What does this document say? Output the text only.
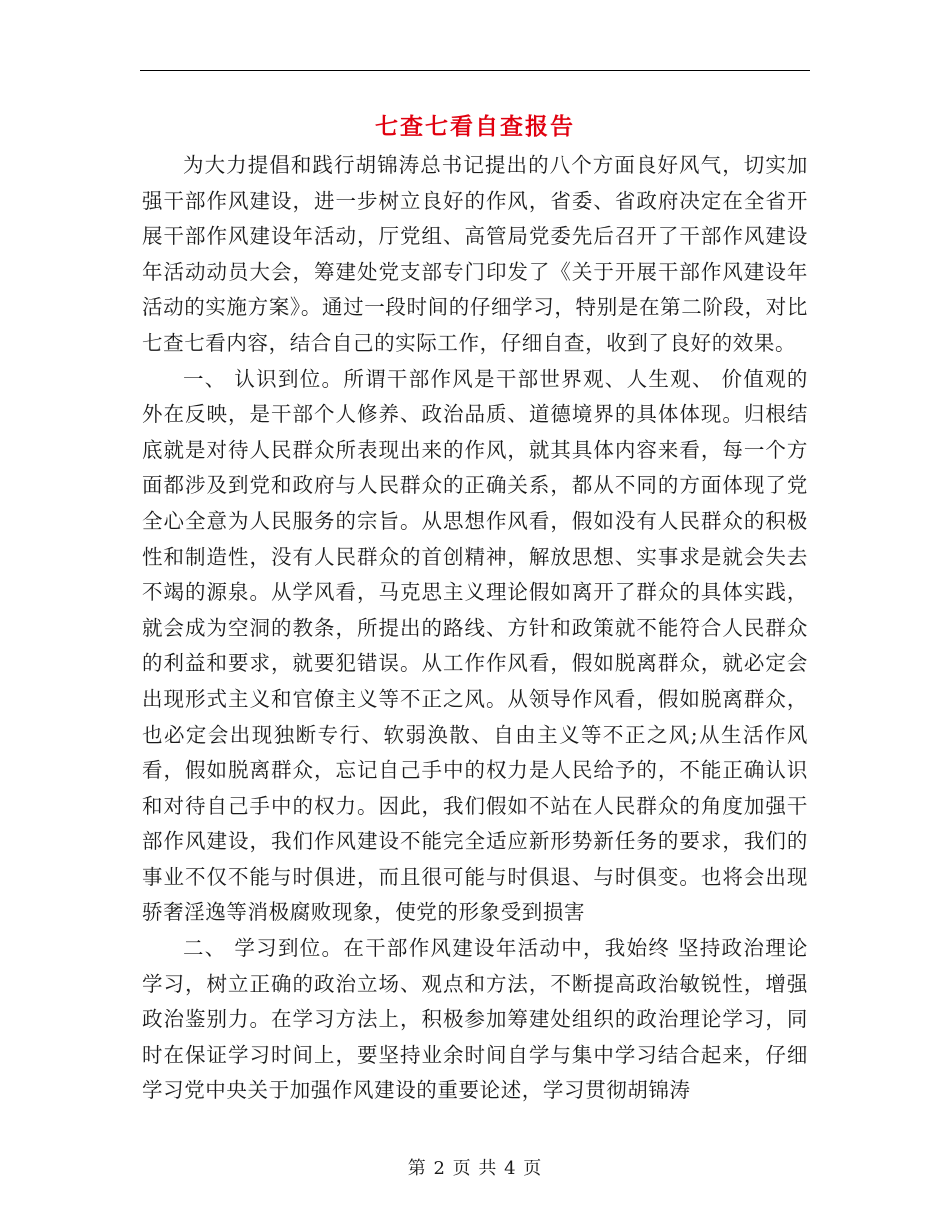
七查七看自查报告

为大力提倡和践行胡锦涛总书记提出的八个方面良好风气，切实加强干部作风建设，进一步树立良好的作风，省委、省政府决定在全省开展干部作风建设年活动，厅党组、高管局党委先后召开了干部作风建设年活动动员大会，筹建处党支部专门印发了《关于开展干部作风建设年活动的实施方案》。通过一段时间的仔细学习，特别是在第二阶段，对比七查七看内容，结合自己的实际工作，仔细自查，收到了良好的效果。

一、 认识到位。所谓干部作风是干部世界观、人生观、 价值观的外在反映，是干部个人修养、政治品质、道德境界的具体体现。归根结底就是对待人民群众所表现出来的作风，就其具体内容来看，每一个方面都涉及到党和政府与人民群众的正确关系，都从不同的方面体现了党全心全意为人民服务的宗旨。从思想作风看，假如没有人民群众的积极性和制造性，没有人民群众的首创精神，解放思想、实事求是就会失去不竭的源泉。从学风看，马克思主义理论假如离开了群众的具体实践，就会成为空洞的教条，所提出的路线、方针和政策就不能符合人民群众的利益和要求，就要犯错误。从工作作风看，假如脱离群众，就必定会出现形式主义和官僚主义等不正之风。从领导作风看，假如脱离群众，也必定会出现独断专行、软弱涣散、自由主义等不正之风;从生活作风看，假如脱离群众，忘记自己手中的权力是人民给予的，不能正确认识和对待自己手中的权力。因此，我们假如不站在人民群众的角度加强干部作风建设，我们作风建设不能完全适应新形势新任务的要求，我们的事业不仅不能与时俱进，而且很可能与时俱退、与时俱变。也将会出现骄奢淫逸等消极腐败现象，使党的形象受到损害

二、 学习到位。在干部作风建设年活动中，我始终 坚持政治理论学习，树立正确的政治立场、观点和方法，不断提高政治敏锐性，增强政治鉴别力。在学习方法上，积极参加筹建处组织的政治理论学习，同时在保证学习时间上，要坚持业余时间自学与集中学习结合起来，仔细学习党中央关于加强作风建设的重要论述，学习贯彻胡锦涛

第 2 页 共 4 页
